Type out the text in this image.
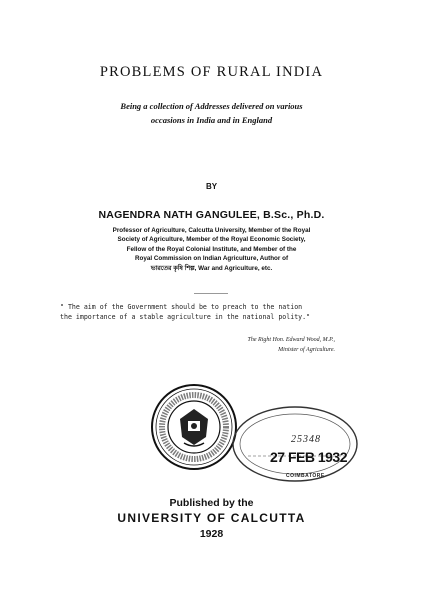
PROBLEMS OF RURAL INDIA
Being a collection of Addresses delivered on various
occasions in India and in England
BY
NAGENDRA NATH GANGULEE, B.Sc., Ph.D.
Professor of Agriculture, Calcutta University, Member of the Royal
Society of Agriculture, Member of the Royal Economic Society,
Fellow of the Royal Colonial Institute, and Member of the
Royal Commission on Indian Agriculture, Author of
ভারতের কৃষি শিল্প, War and Agriculture, etc.
" The aim of the Government should be to preach to the nation
the importance of a stable agriculture in the national polity."
The Right Hon. Edward Wood, M.P.,
Minister of Agriculture.
25348
27 FEB 1932
COIMBATORE
Published by the
UNIVERSITY OF CALCUTTA
1928
